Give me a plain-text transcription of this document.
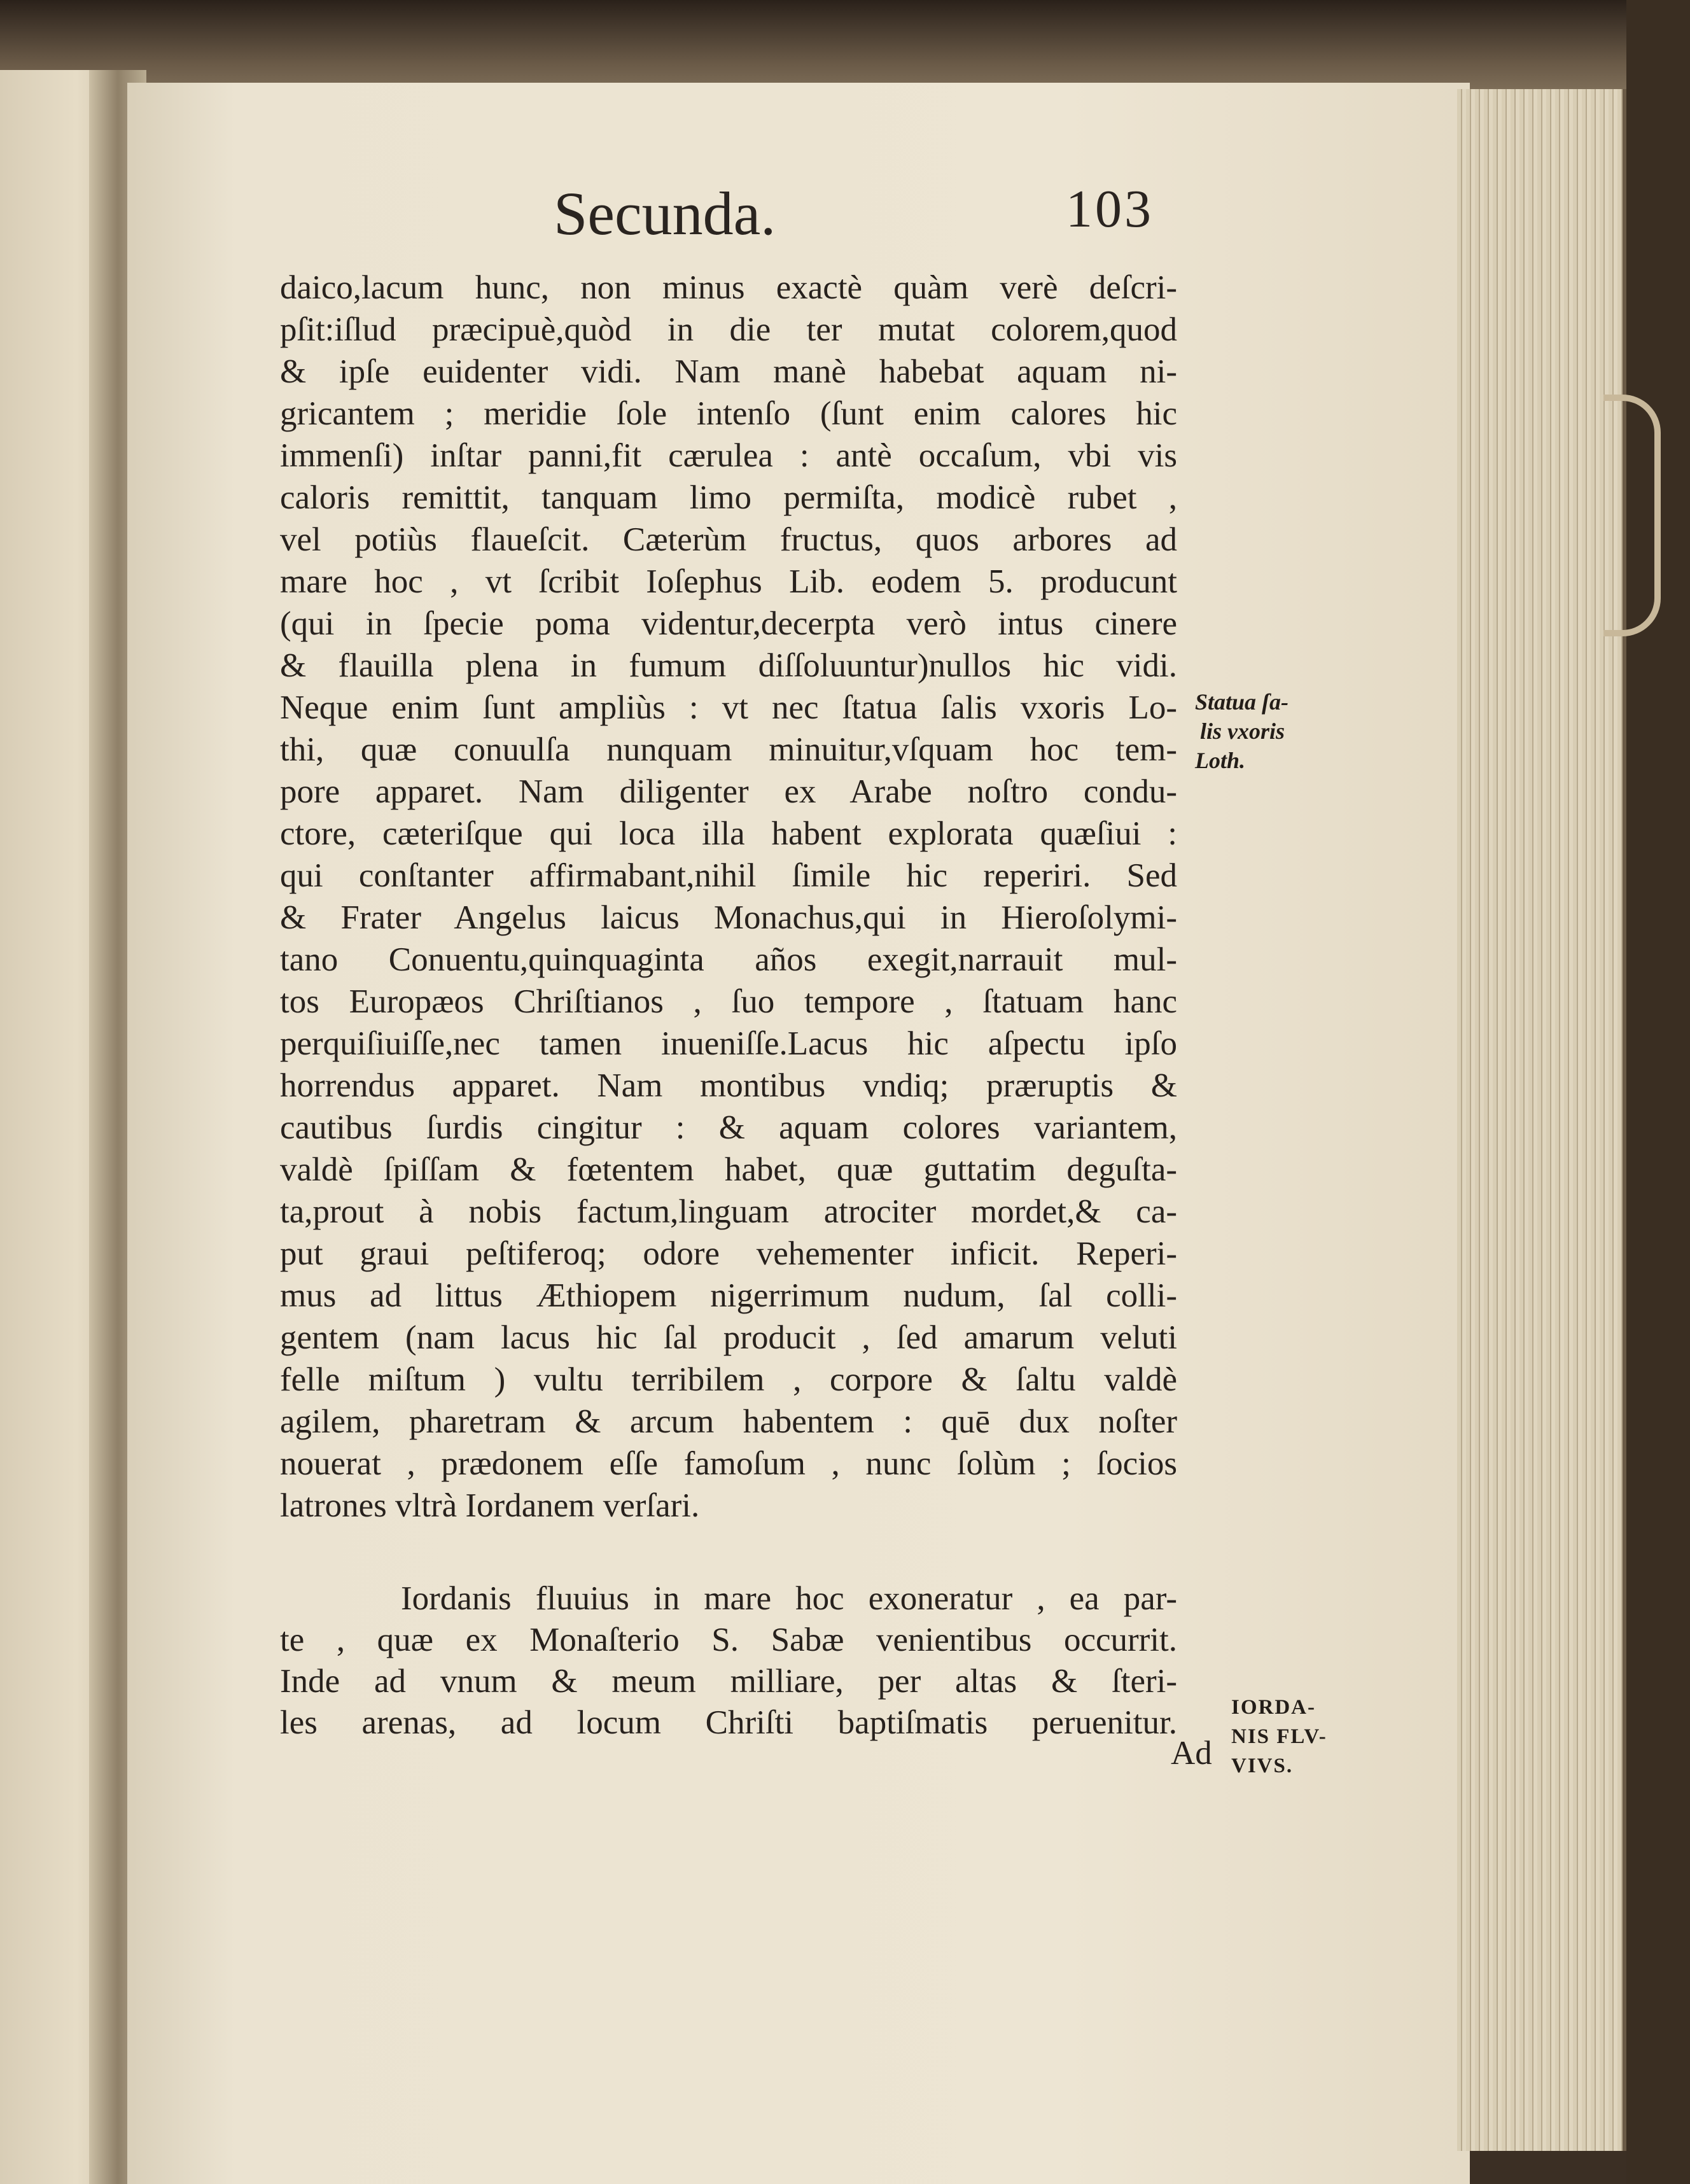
Secunda.	103
daico,lacum hunc, non minus exactè quàm verè deſcri-
pſit:iſlud præcipuè,quòd in die ter mutat colorem,quod
& ipſe euidenter vidi. Nam manè habebat aquam ni-
gricantem ; meridie ſole intenſo (ſunt enim calores hic
immenſi) inſtar panni,fit cærulea : antè occaſum, vbi vis
caloris remittit, tanquam limo permiſta, modicè rubet ,
vel potiùs flaueſcit. Cæterùm fructus, quos arbores ad
mare hoc , vt ſcribit Ioſephus Lib. eodem 5. producunt
(qui in ſpecie poma videntur,decerpta verò intus cinere
& flauilla plena in fumum diſſoluuntur)nullos hic vidi.
Neque enim ſunt ampliùs : vt nec ſtatua ſalis vxoris Lo-
thi, quæ conuulſa nunquam minuitur,vſquam hoc tem-
pore apparet. Nam diligenter ex Arabe noſtro condu-
ctore, cæteriſque qui loca illa habent explorata quæſiui :
qui conſtanter affirmabant,nihil ſimile hic reperiri. Sed
& Frater Angelus laicus Monachus,qui in Hieroſolymi-
tano Conuentu,quinquaginta años exegit,narrauit mul-
tos Europæos Chriſtianos , ſuo tempore , ſtatuam hanc
perquiſiuiſſe,nec tamen inueniſſe.Lacus hic aſpectu ipſo
horrendus apparet. Nam montibus vndiq; præruptis &
cautibus ſurdis cingitur : & aquam colores variantem,
valdè ſpiſſam & fœtentem habet, quæ guttatim deguſta-
ta,prout à nobis factum,linguam atrociter mordet,& ca-
put graui peſtiferoq; odore vehementer inficit. Reperi-
mus ad littus Æthiopem nigerrimum nudum, ſal colli-
gentem (nam lacus hic ſal producit , ſed amarum veluti
felle miſtum ) vultu terribilem , corpore & ſaltu valdè
agilem, pharetram & arcum habentem : quē dux noſter
nouerat , prædonem eſſe famoſum , nunc ſolùm ; ſocios
latrones vltrà Iordanem verſari.
Iordanis fluuius in mare hoc exoneratur , ea par-
te , quæ ex Monaſterio S. Sabæ venientibus occurrit.
Inde ad vnum & meum milliare, per altas & ſteri-
les arenas, ad locum Chriſti baptiſmatis peruenitur.
Statua ſa-
lis vxoris
Loth.
IORDA-
NIS FLV-
VIVS.
Ad
